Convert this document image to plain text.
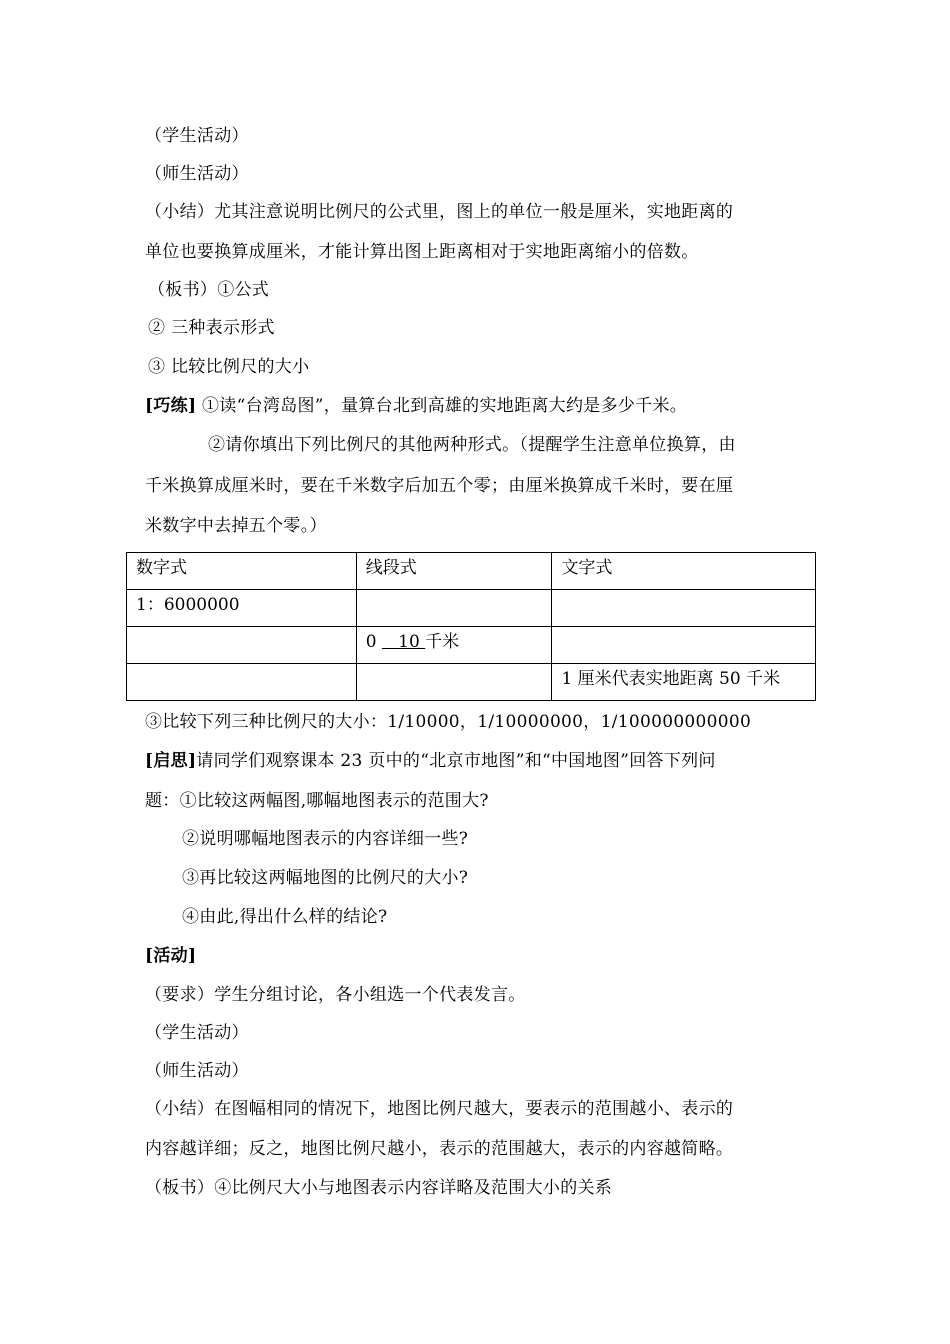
（学生活动）
（师生活动）
（小结）尤其注意说明比例尺的公式里，图上的单位一般是厘米，实地距离的
单位也要换算成厘米，才能计算出图上距离相对于实地距离缩小的倍数。
（板书）①公式
② 三种表示形式
③ 比较比例尺的大小
[巧练] ①读“台湾岛图”，量算台北到高雄的实地距离大约是多少千米。
②请你填出下列比例尺的其他两种形式。（提醒学生注意单位换算，由
千米换算成厘米时，要在千米数字后加五个零；由厘米换算成千米时，要在厘
米数字中去掉五个零。）
数字式	线段式	文字式
1：6000000		
	0    10 千米	
		1 厘米代表实地距离 50 千米
③比较下列三种比例尺的大小：1/10000，1/10000000，1/100000000000
[启思]请同学们观察课本 23 页中的“北京市地图”和“中国地图”回答下列问
题：①比较这两幅图,哪幅地图表示的范围大?
②说明哪幅地图表示的内容详细一些?
③再比较这两幅地图的比例尺的大小?
④由此,得出什么样的结论?
[活动]
（要求）学生分组讨论，各小组选一个代表发言。
（学生活动）
（师生活动）
（小结）在图幅相同的情况下，地图比例尺越大，要表示的范围越小、表示的
内容越详细；反之，地图比例尺越小，表示的范围越大，表示的内容越简略。
（板书）④比例尺大小与地图表示内容详略及范围大小的关系
